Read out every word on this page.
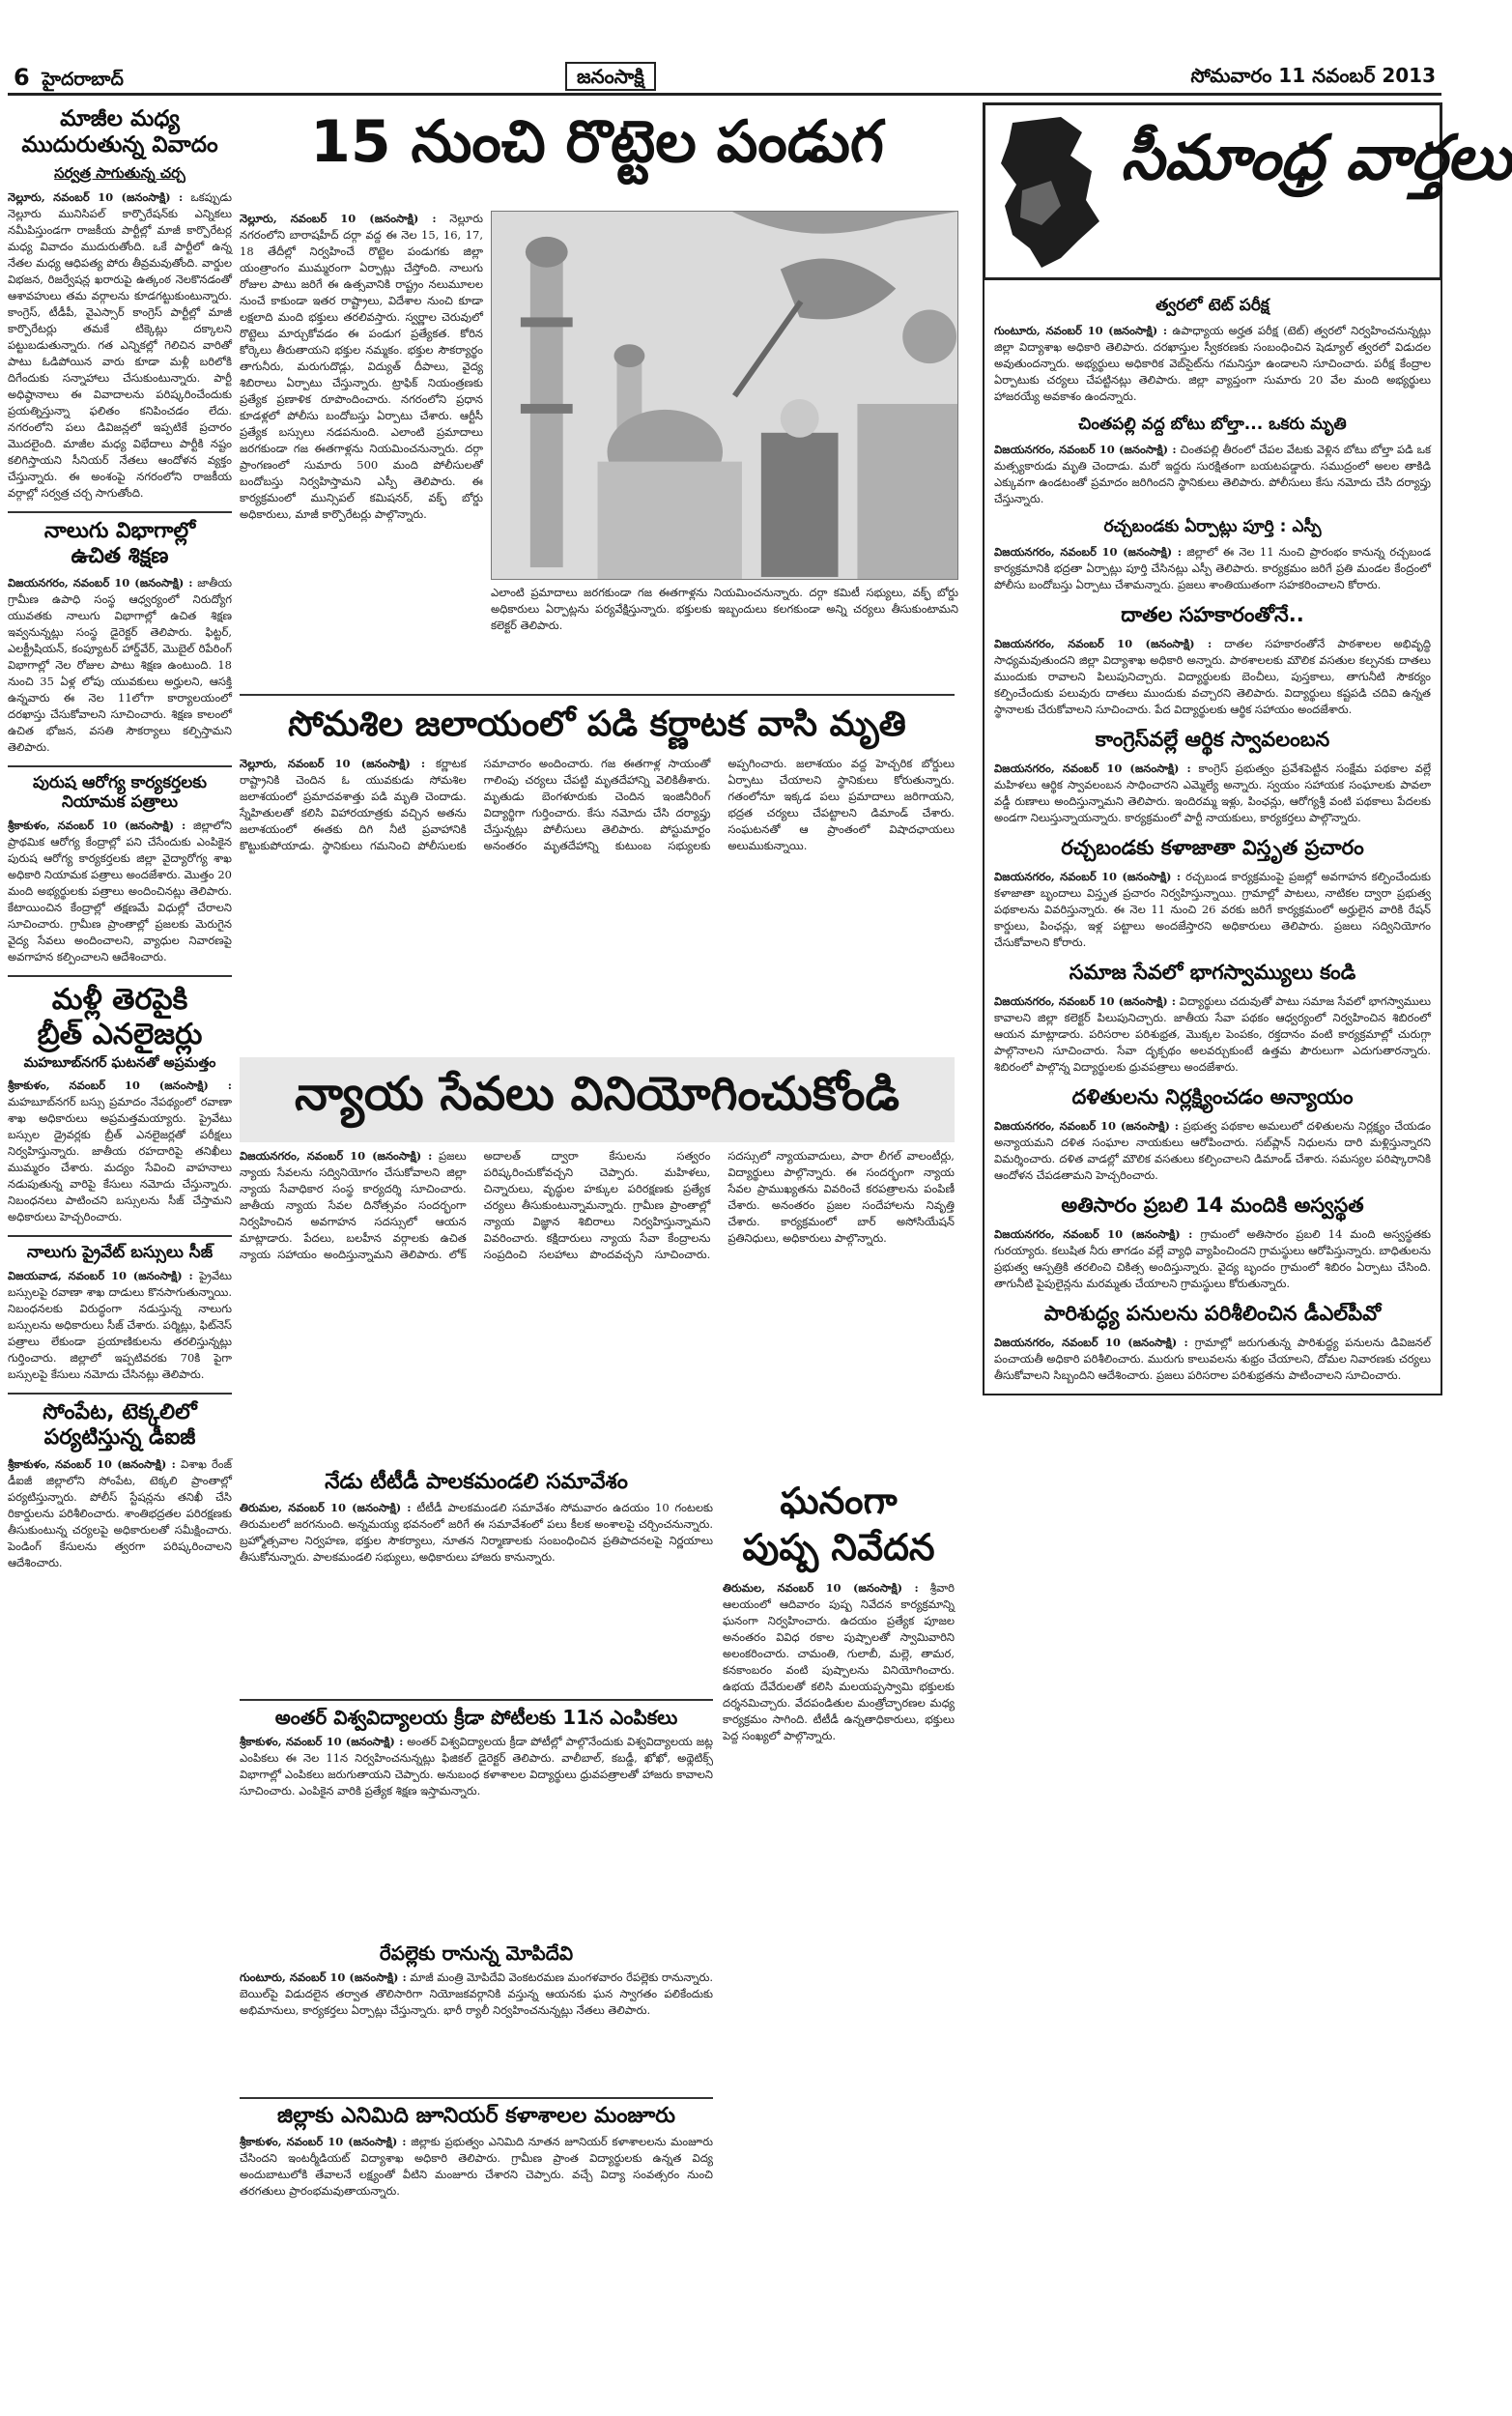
6 హైదరాబాద్	జనంసాక్షి	సోమవారం 11 నవంబర్ 2013
మాజీల మధ్య
ముదురుతున్న వివాదం
సర్వత్ర సాగుతున్న చర్చ

నెల్లూరు, నవంబర్ 10 (జనంసాక్షి) : ఒకప్పుడు నెల్లూరు మునిసిపల్‌ కార్పొరేషన్‌కు ఎన్నికలు నమీపిస్తుండగా రాజకీయ పార్టీల్లో మాజీ కార్పొరేటర్ల మధ్య వివాదం ముదురుతోంది. ఒకే పార్టీలో ఉన్న నేతల మధ్య ఆధిపత్య పోరు తీవ్రమవుతోంది. వార్డుల విభజన, రిజర్వేషన్ల ఖరారుపై ఉత్కంఠ నెలకొనడంతో ఆశావహులు తమ వర్గాలను కూడగట్టుకుంటున్నారు. కాంగ్రెస్‌, టీడీపీ, వైఎస్సార్‌ కాంగ్రెస్‌ పార్టీల్లో మాజీ కార్పొరేటర్లు తమకే టిక్కెట్లు దక్కాలని పట్టుబడుతున్నారు. గత ఎన్నికల్లో గెలిచిన వారితో పాటు ఓడిపోయిన వారు కూడా మళ్లీ బరిలోకి దిగేందుకు సన్నాహాలు చేసుకుంటున్నారు. పార్టీ అధిష్ఠానాలు ఈ వివాదాలను పరిష్కరించేందుకు ప్రయత్నిస్తున్నా ఫలితం కనిపించడం లేదు. నగరంలోని పలు డివిజన్లలో ఇప్పటికే ప్రచారం మొదలైంది. మాజీల మధ్య విభేదాలు పార్టీకి నష్టం కలిగిస్తాయని సీనియర్‌ నేతలు ఆందోళన వ్యక్తం చేస్తున్నారు. ఈ అంశంపై నగరంలోని రాజకీయ వర్గాల్లో సర్వత్ర చర్చ సాగుతోంది.

నాలుగు విభాగాల్లో
ఉచిత శిక్షణ

విజయనగరం, నవంబర్ 10 (జనంసాక్షి) : జాతీయ గ్రామీణ ఉపాధి సంస్థ ఆధ్వర్యంలో నిరుద్యోగ యువతకు నాలుగు విభాగాల్లో ఉచిత శిక్షణ ఇవ్వనున్నట్లు సంస్థ డైరెక్టర్‌ తెలిపారు. ఫిట్టర్‌, ఎలక్ట్రీషియన్‌, కంప్యూటర్‌ హార్డ్‌వేర్‌, మొబైల్‌ రిపేరింగ్‌ విభాగాల్లో నెల రోజుల పాటు శిక్షణ ఉంటుంది. 18 నుంచి 35 ఏళ్ల లోపు యువకులు అర్హులని, ఆసక్తి ఉన్నవారు ఈ నెల 11లోగా కార్యాలయంలో దరఖాస్తు చేసుకోవాలని సూచించారు. శిక్షణ కాలంలో ఉచిత భోజన, వసతి సౌకర్యాలు కల్పిస్తామని తెలిపారు.

పురుష ఆరోగ్య కార్యకర్తలకు
నియామక పత్రాలు

శ్రీకాకుళం, నవంబర్ 10 (జనంసాక్షి) : జిల్లాలోని ప్రాథమిక ఆరోగ్య కేంద్రాల్లో పని చేసేందుకు ఎంపికైన పురుష ఆరోగ్య కార్యకర్తలకు జిల్లా వైద్యారోగ్య శాఖ అధికారి నియామక పత్రాలు అందజేశారు. మొత్తం 20 మంది అభ్యర్థులకు పత్రాలు అందించినట్లు తెలిపారు. కేటాయించిన కేంద్రాల్లో తక్షణమే విధుల్లో చేరాలని సూచించారు. గ్రామీణ ప్రాంతాల్లో ప్రజలకు మెరుగైన వైద్య సేవలు అందించాలని, వ్యాధుల నివారణపై అవగాహన కల్పించాలని ఆదేశించారు.

మళ్లీ తెరపైకి
బ్రీత్‌ ఎనలైజర్లు
మహబూబ్‌నగర్‌ ఘటనతో అప్రమత్తం

శ్రీకాకుళం, నవంబర్ 10 (జనంసాక్షి) : మహబూబ్‌నగర్‌ బస్సు ప్రమాదం నేపథ్యంలో రవాణా శాఖ అధికారులు అప్రమత్తమయ్యారు. ప్రైవేటు బస్సుల డ్రైవర్లకు బ్రీత్‌ ఎనలైజర్లతో పరీక్షలు నిర్వహిస్తున్నారు. జాతీయ రహదారిపై తనిఖీలు ముమ్మరం చేశారు. మద్యం సేవించి వాహనాలు నడుపుతున్న వారిపై కేసులు నమోదు చేస్తున్నారు. నిబంధనలు పాటించని బస్సులను సీజ్‌ చేస్తామని అధికారులు హెచ్చరించారు.

నాలుగు ప్రైవేట్‌ బస్సులు సీజ్‌

విజయవాడ, నవంబర్ 10 (జనంసాక్షి) : ప్రైవేటు బస్సులపై రవాణా శాఖ దాడులు కొనసాగుతున్నాయి. నిబంధనలకు విరుద్ధంగా నడుస్తున్న నాలుగు బస్సులను అధికారులు సీజ్‌ చేశారు. పర్మిట్లు, ఫిట్‌నెస్‌ పత్రాలు లేకుండా ప్రయాణికులను తరలిస్తున్నట్లు గుర్తించారు. జిల్లాలో ఇప్పటివరకు 70కి పైగా బస్సులపై కేసులు నమోదు చేసినట్లు తెలిపారు.

సోంపేట, టెక్కలిలో
పర్యటిస్తున్న డీఐజీ

శ్రీకాకుళం, నవంబర్ 10 (జనంసాక్షి) : విశాఖ రేంజ్‌ డీఐజీ జిల్లాలోని సోంపేట, టెక్కలి ప్రాంతాల్లో పర్యటిస్తున్నారు. పోలీస్‌ స్టేషన్లను తనిఖీ చేసి రికార్డులను పరిశీలించారు. శాంతిభద్రతల పరిరక్షణకు తీసుకుంటున్న చర్యలపై అధికారులతో సమీక్షించారు. పెండింగ్‌ కేసులను త్వరగా పరిష్కరించాలని ఆదేశించారు.

15 నుంచి రొట్టెల పండుగ

నెల్లూరు, నవంబర్ 10 (జనంసాక్షి) : నెల్లూరు నగరంలోని బారాషహీద్‌ దర్గా వద్ద ఈ నెల 15, 16, 17, 18 తేదీల్లో నిర్వహించే రొట్టెల పండుగకు జిల్లా యంత్రాంగం ముమ్మరంగా ఏర్పాట్లు చేస్తోంది. నాలుగు రోజుల పాటు జరిగే ఈ ఉత్సవానికి రాష్ట్రం నలుమూలల నుంచే కాకుండా ఇతర రాష్ట్రాలు, విదేశాల నుంచి కూడా లక్షలాది మంది భక్తులు తరలివస్తారు. స్వర్ణాల చెరువులో రొట్టెలు మార్చుకోవడం ఈ పండుగ ప్రత్యేకత. కోరిన కోర్కెలు తీరుతాయని భక్తుల నమ్మకం. భక్తుల సౌకర్యార్థం తాగునీరు, మరుగుదొడ్లు, విద్యుత్‌ దీపాలు, వైద్య శిబిరాలు ఏర్పాటు చేస్తున్నారు. ట్రాఫిక్‌ నియంత్రణకు ప్రత్యేక ప్రణాళిక రూపొందించారు. నగరంలోని ప్రధాన కూడళ్లలో పోలీసు బందోబస్తు ఏర్పాటు చేశారు. ఆర్టీసీ ప్రత్యేక బస్సులు నడపనుంది. ఎలాంటి ప్రమాదాలు జరగకుండా గజ ఈతగాళ్లను నియమించనున్నారు. దర్గా ప్రాంగణంలో సుమారు 500 మంది పోలీసులతో బందోబస్తు నిర్వహిస్తామని ఎస్పీ తెలిపారు. ఈ కార్యక్రమంలో మున్సిపల్‌ కమిషనర్‌, వక్ఫ్‌ బోర్డు అధికారులు, మాజీ కార్పొరేటర్లు పాల్గొన్నారు.

ఎలాంటి ప్రమాదాలు జరగకుండా గజ ఈతగాళ్లను నియమించనున్నారు. దర్గా కమిటీ సభ్యులు, వక్ఫ్‌ బోర్డు అధికారులు ఏర్పాట్లను పర్యవేక్షిస్తున్నారు. భక్తులకు ఇబ్బందులు కలగకుండా అన్ని చర్యలు తీసుకుంటామని కలెక్టర్‌ తెలిపారు.

సోమశిల జలాయంలో పడి కర్ణాటక వాసి మృతి

నెల్లూరు, నవంబర్ 10 (జనంసాక్షి) : కర్ణాటక రాష్ట్రానికి చెందిన ఓ యువకుడు సోమశిల జలాశయంలో ప్రమాదవశాత్తు పడి మృతి చెందాడు. స్నేహితులతో కలిసి విహారయాత్రకు వచ్చిన అతను జలాశయంలో ఈతకు దిగి నీటి ప్రవాహానికి కొట్టుకుపోయాడు. స్థానికులు గమనించి పోలీసులకు సమాచారం అందించారు. గజ ఈతగాళ్ల సాయంతో గాలింపు చర్యలు చేపట్టి మృతదేహాన్ని వెలికితీశారు. మృతుడు బెంగళూరుకు చెందిన ఇంజినీరింగ్‌ విద్యార్థిగా గుర్తించారు. కేసు నమోదు చేసి దర్యాప్తు చేస్తున్నట్లు పోలీసులు తెలిపారు. పోస్టుమార్టం అనంతరం మృతదేహాన్ని కుటుంబ సభ్యులకు అప్పగించారు. జలాశయం వద్ద హెచ్చరిక బోర్డులు ఏర్పాటు చేయాలని స్థానికులు కోరుతున్నారు. గతంలోనూ ఇక్కడ పలు ప్రమాదాలు జరిగాయని, భద్రత చర్యలు చేపట్టాలని డిమాండ్‌ చేశారు. సంఘటనతో ఆ ప్రాంతంలో విషాదఛాయలు అలుముకున్నాయి.

న్యాయ సేవలు వినియోగించుకోండి

విజయనగరం, నవంబర్ 10 (జనంసాక్షి) : ప్రజలు న్యాయ సేవలను సద్వినియోగం చేసుకోవాలని జిల్లా న్యాయ సేవాధికార సంస్థ కార్యదర్శి సూచించారు. జాతీయ న్యాయ సేవల దినోత్సవం సందర్భంగా నిర్వహించిన అవగాహన సదస్సులో ఆయన మాట్లాడారు. పేదలు, బలహీన వర్గాలకు ఉచిత న్యాయ సహాయం అందిస్తున్నామని తెలిపారు. లోక్‌ అదాలత్‌ ద్వారా కేసులను సత్వరం పరిష్కరించుకోవచ్చని చెప్పారు. మహిళలు, చిన్నారులు, వృద్ధుల హక్కుల పరిరక్షణకు ప్రత్యేక చర్యలు తీసుకుంటున్నామన్నారు. గ్రామీణ ప్రాంతాల్లో న్యాయ విజ్ఞాన శిబిరాలు నిర్వహిస్తున్నామని వివరించారు. కక్షిదారులు న్యాయ సేవా కేంద్రాలను సంప్రదించి సలహాలు పొందవచ్చని సూచించారు. సదస్సులో న్యాయవాదులు, పారా లీగల్‌ వాలంటీర్లు, విద్యార్థులు పాల్గొన్నారు. ఈ సందర్భంగా న్యాయ సేవల ప్రాముఖ్యతను వివరించే కరపత్రాలను పంపిణీ చేశారు. అనంతరం ప్రజల సందేహాలను నివృత్తి చేశారు. కార్యక్రమంలో బార్‌ అసోసియేషన్‌ ప్రతినిధులు, అధికారులు పాల్గొన్నారు.

నేడు టీటీడీ పాలకమండలి సమావేశం

తిరుమల, నవంబర్ 10 (జనంసాక్షి) : టీటీడీ పాలకమండలి సమావేశం సోమవారం ఉదయం 10 గంటలకు తిరుమలలో జరగనుంది. అన్నమయ్య భవనంలో జరిగే ఈ సమావేశంలో పలు కీలక అంశాలపై చర్చించనున్నారు. బ్రహ్మోత్సవాల నిర్వహణ, భక్తుల సౌకర్యాలు, నూతన నిర్మాణాలకు సంబంధించిన ప్రతిపాదనలపై నిర్ణయాలు తీసుకోనున్నారు. పాలకమండలి సభ్యులు, అధికారులు హాజరు కానున్నారు.

అంతర్‌ విశ్వవిద్యాలయ క్రీడా పోటీలకు 11న ఎంపికలు

శ్రీకాకుళం, నవంబర్ 10 (జనంసాక్షి) : అంతర్‌ విశ్వవిద్యాలయ క్రీడా పోటీల్లో పాల్గొనేందుకు విశ్వవిద్యాలయ జట్ల ఎంపికలు ఈ నెల 11న నిర్వహించనున్నట్లు ఫిజికల్‌ డైరెక్టర్‌ తెలిపారు. వాలీబాల్‌, కబడ్డీ, ఖోఖో, అథ్లెటిక్స్‌ విభాగాల్లో ఎంపికలు జరుగుతాయని చెప్పారు. అనుబంధ కళాశాలల విద్యార్థులు ధ్రువపత్రాలతో హాజరు కావాలని సూచించారు. ఎంపికైన వారికి ప్రత్యేక శిక్షణ ఇస్తామన్నారు.

రేపల్లెకు రానున్న మోపిదేవి

గుంటూరు, నవంబర్ 10 (జనంసాక్షి) : మాజీ మంత్రి మోపిదేవి వెంకటరమణ మంగళవారం రేపల్లెకు రానున్నారు. బెయిల్‌పై విడుదలైన తర్వాత తొలిసారిగా నియోజకవర్గానికి వస్తున్న ఆయనకు ఘన స్వాగతం పలికేందుకు అభిమానులు, కార్యకర్తలు ఏర్పాట్లు చేస్తున్నారు. భారీ ర్యాలీ నిర్వహించనున్నట్లు నేతలు తెలిపారు.

జిల్లాకు ఎనిమిది జూనియర్‌ కళాశాలల మంజూరు

శ్రీకాకుళం, నవంబర్ 10 (జనంసాక్షి) : జిల్లాకు ప్రభుత్వం ఎనిమిది నూతన జూనియర్‌ కళాశాలలను మంజూరు చేసిందని ఇంటర్మీడియట్‌ విద్యాశాఖ అధికారి తెలిపారు. గ్రామీణ ప్రాంత విద్యార్థులకు ఉన్నత విద్య అందుబాటులోకి తేవాలనే లక్ష్యంతో వీటిని మంజూరు చేశారని చెప్పారు. వచ్చే విద్యా సంవత్సరం నుంచి తరగతులు ప్రారంభమవుతాయన్నారు.

ఘనంగా
పుష్ప నివేదన

తిరుమల, నవంబర్ 10 (జనంసాక్షి) : శ్రీవారి ఆలయంలో ఆదివారం పుష్ప నివేదన కార్యక్రమాన్ని ఘనంగా నిర్వహించారు. ఉదయం ప్రత్యేక పూజల అనంతరం వివిధ రకాల పుష్పాలతో స్వామివారిని అలంకరించారు. చామంతి, గులాబీ, మల్లె, తామర, కనకాంబరం వంటి పుష్పాలను వినియోగించారు. ఉభయ దేవేరులతో కలిసి మలయప్పస్వామి భక్తులకు దర్శనమిచ్చారు. వేదపండితుల మంత్రోచ్ఛారణల మధ్య కార్యక్రమం సాగింది. టీటీడీ ఉన్నతాధికారులు, భక్తులు పెద్ద సంఖ్యలో పాల్గొన్నారు.

సీమాంధ్ర వార్తలు
త్వరలో టెట్‌ పరీక్ష

గుంటూరు, నవంబర్ 10 (జనంసాక్షి) : ఉపాధ్యాయ అర్హత పరీక్ష (టెట్‌) త్వరలో నిర్వహించనున్నట్లు జిల్లా విద్యాశాఖ అధికారి తెలిపారు. దరఖాస్తుల స్వీకరణకు సంబంధించిన షెడ్యూల్‌ త్వరలో విడుదల అవుతుందన్నారు. అభ్యర్థులు అధికారిక వెబ్‌సైట్‌ను గమనిస్తూ ఉండాలని సూచించారు. పరీక్ష కేంద్రాల ఏర్పాటుకు చర్యలు చేపట్టినట్లు తెలిపారు. జిల్లా వ్యాప్తంగా సుమారు 20 వేల మంది అభ్యర్థులు హాజరయ్యే అవకాశం ఉందన్నారు.

చింతపల్లి వద్ద బోటు బోల్తా... ఒకరు మృతి

విజయనగరం, నవంబర్ 10 (జనంసాక్షి) : చింతపల్లి తీరంలో చేపల వేటకు వెళ్లిన బోటు బోల్తా పడి ఒక మత్స్యకారుడు మృతి చెందాడు. మరో ఇద్దరు సురక్షితంగా బయటపడ్డారు. సముద్రంలో అలల తాకిడి ఎక్కువగా ఉండటంతో ప్రమాదం జరిగిందని స్థానికులు తెలిపారు. పోలీసులు కేసు నమోదు చేసి దర్యాప్తు చేస్తున్నారు.

రచ్చబండకు ఏర్పాట్లు పూర్తి : ఎస్పీ

విజయనగరం, నవంబర్ 10 (జనంసాక్షి) : జిల్లాలో ఈ నెల 11 నుంచి ప్రారంభం కానున్న రచ్చబండ కార్యక్రమానికి భద్రతా ఏర్పాట్లు పూర్తి చేసినట్లు ఎస్పీ తెలిపారు. కార్యక్రమం జరిగే ప్రతి మండల కేంద్రంలో పోలీసు బందోబస్తు ఏర్పాటు చేశామన్నారు. ప్రజలు శాంతియుతంగా సహకరించాలని కోరారు.

దాతల సహకారంతోనే..

విజయనగరం, నవంబర్ 10 (జనంసాక్షి) : దాతల సహకారంతోనే పాఠశాలల అభివృద్ధి సాధ్యమవుతుందని జిల్లా విద్యాశాఖ అధికారి అన్నారు. పాఠశాలలకు మౌలిక వసతుల కల్పనకు దాతలు ముందుకు రావాలని పిలుపునిచ్చారు. విద్యార్థులకు బెంచీలు, పుస్తకాలు, తాగునీటి సౌకర్యం కల్పించేందుకు పలువురు దాతలు ముందుకు వచ్చారని తెలిపారు. విద్యార్థులు కష్టపడి చదివి ఉన్నత స్థానాలకు చేరుకోవాలని సూచించారు. పేద విద్యార్థులకు ఆర్థిక సహాయం అందజేశారు.

కాంగ్రెస్‌వల్లే ఆర్థిక స్వావలంబన

విజయనగరం, నవంబర్ 10 (జనంసాక్షి) : కాంగ్రెస్‌ ప్రభుత్వం ప్రవేశపెట్టిన సంక్షేమ పథకాల వల్లే మహిళలు ఆర్థిక స్వావలంబన సాధించారని ఎమ్మెల్యే అన్నారు. స్వయం సహాయక సంఘాలకు పావలా వడ్డీ రుణాలు అందిస్తున్నామని తెలిపారు. ఇందిరమ్మ ఇళ్లు, పింఛన్లు, ఆరోగ్యశ్రీ వంటి పథకాలు పేదలకు అండగా నిలుస్తున్నాయన్నారు. కార్యక్రమంలో పార్టీ నాయకులు, కార్యకర్తలు పాల్గొన్నారు.

రచ్చబండకు కళాజాతా విస్తృత ప్రచారం

విజయనగరం, నవంబర్ 10 (జనంసాక్షి) : రచ్చబండ కార్యక్రమంపై ప్రజల్లో అవగాహన కల్పించేందుకు కళాజాతా బృందాలు విస్తృత ప్రచారం నిర్వహిస్తున్నాయి. గ్రామాల్లో పాటలు, నాటికల ద్వారా ప్రభుత్వ పథకాలను వివరిస్తున్నారు. ఈ నెల 11 నుంచి 26 వరకు జరిగే కార్యక్రమంలో అర్హులైన వారికి రేషన్‌ కార్డులు, పింఛన్లు, ఇళ్ల పట్టాలు అందజేస్తారని అధికారులు తెలిపారు. ప్రజలు సద్వినియోగం చేసుకోవాలని కోరారు.

సమాజ సేవలో భాగస్వామ్యులు కండి

విజయనగరం, నవంబర్ 10 (జనంసాక్షి) : విద్యార్థులు చదువుతో పాటు సమాజ సేవలో భాగస్వాములు కావాలని జిల్లా కలెక్టర్‌ పిలుపునిచ్చారు. జాతీయ సేవా పథకం ఆధ్వర్యంలో నిర్వహించిన శిబిరంలో ఆయన మాట్లాడారు. పరిసరాల పరిశుభ్రత, మొక్కల పెంపకం, రక్తదానం వంటి కార్యక్రమాల్లో చురుగ్గా పాల్గొనాలని సూచించారు. సేవా దృక్పథం అలవర్చుకుంటే ఉత్తమ పౌరులుగా ఎదుగుతారన్నారు. శిబిరంలో పాల్గొన్న విద్యార్థులకు ధ్రువపత్రాలు అందజేశారు.

దళితులను నిర్లక్ష్యించడం అన్యాయం

విజయనగరం, నవంబర్ 10 (జనంసాక్షి) : ప్రభుత్వ పథకాల అమలులో దళితులను నిర్లక్ష్యం చేయడం అన్యాయమని దళిత సంఘాల నాయకులు ఆరోపించారు. సబ్‌ప్లాన్‌ నిధులను దారి మళ్లిస్తున్నారని విమర్శించారు. దళిత వాడల్లో మౌలిక వసతులు కల్పించాలని డిమాండ్‌ చేశారు. సమస్యల పరిష్కారానికి ఆందోళన చేపడతామని హెచ్చరించారు.

అతిసారం ప్రబలి 14 మందికి అస్వస్థత

విజయనగరం, నవంబర్ 10 (జనంసాక్షి) : గ్రామంలో అతిసారం ప్రబలి 14 మంది అస్వస్థతకు గురయ్యారు. కలుషిత నీరు తాగడం వల్లే వ్యాధి వ్యాపించిందని గ్రామస్థులు ఆరోపిస్తున్నారు. బాధితులను ప్రభుత్వ ఆస్పత్రికి తరలించి చికిత్స అందిస్తున్నారు. వైద్య బృందం గ్రామంలో శిబిరం ఏర్పాటు చేసింది. తాగునీటి పైపులైన్లను మరమ్మతు చేయాలని గ్రామస్థులు కోరుతున్నారు.

పారిశుద్ధ్య పనులను పరిశీలించిన డీఎల్‌పీవో

విజయనగరం, నవంబర్ 10 (జనంసాక్షి) : గ్రామాల్లో జరుగుతున్న పారిశుద్ధ్య పనులను డివిజనల్‌ పంచాయతీ అధికారి పరిశీలించారు. మురుగు కాలువలను శుభ్రం చేయాలని, దోమల నివారణకు చర్యలు తీసుకోవాలని సిబ్బందిని ఆదేశించారు. ప్రజలు పరిసరాల పరిశుభ్రతను పాటించాలని సూచించారు.
